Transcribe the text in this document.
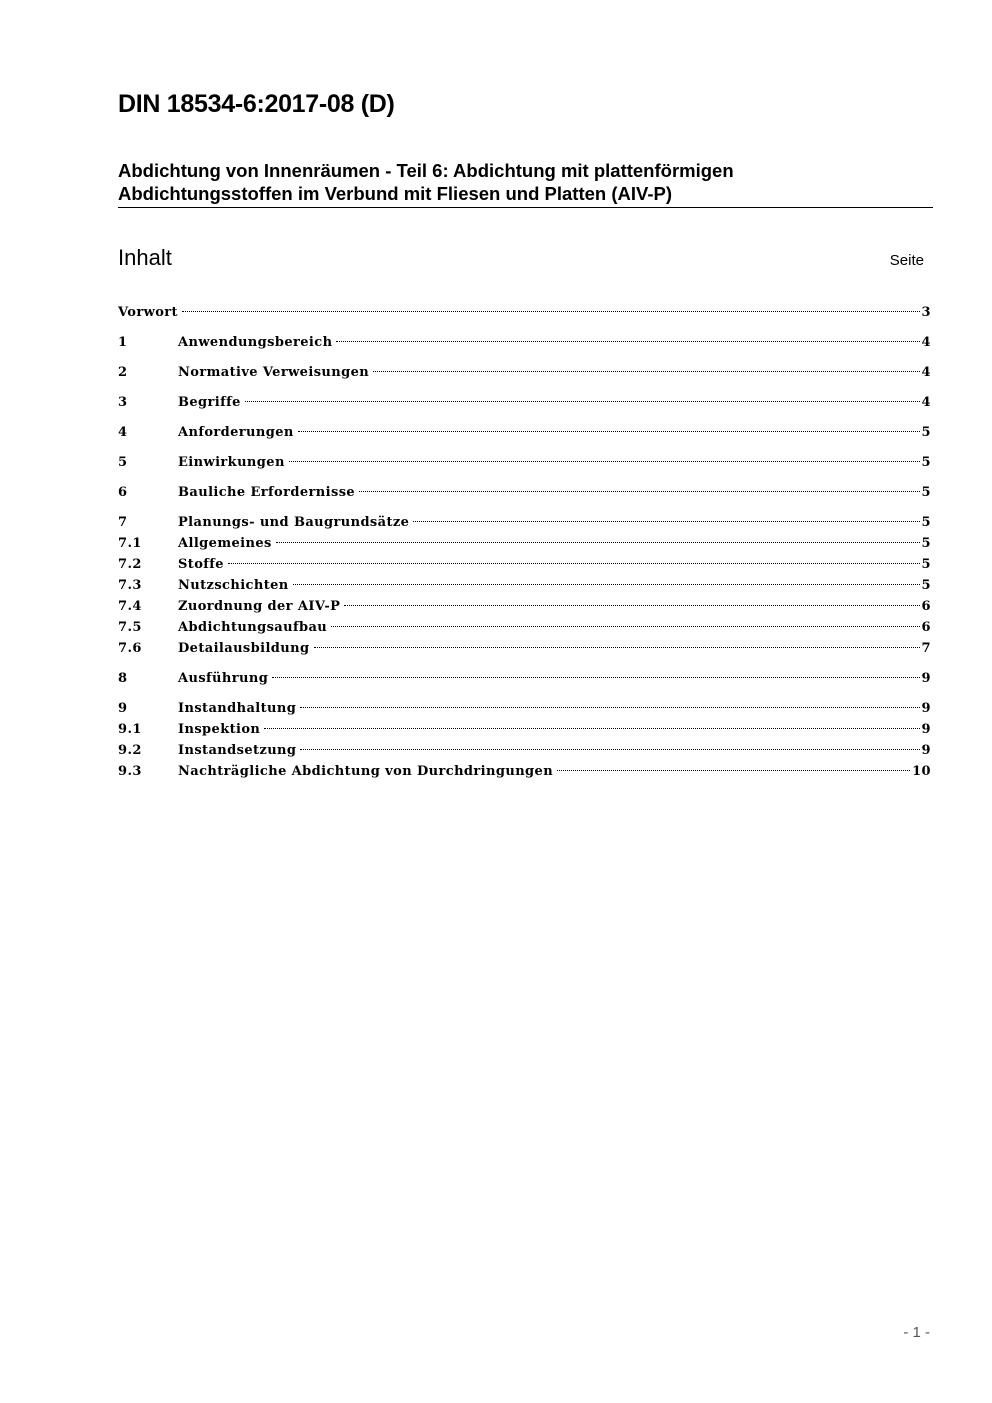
DIN 18534-6:2017-08 (D)
Abdichtung von Innenräumen - Teil 6: Abdichtung mit plattenförmigen
Abdichtungsstoffen im Verbund mit Fliesen und Platten (AIV-P)
Inhalt	Seite
Vorwort	3
1	Anwendungsbereich	4
2	Normative Verweisungen	4
3	Begriffe	4
4	Anforderungen	5
5	Einwirkungen	5
6	Bauliche Erfordernisse	5
7	Planungs- und Baugrundsätze	5
7.1	Allgemeines	5
7.2	Stoffe	5
7.3	Nutzschichten	5
7.4	Zuordnung der AIV-P	6
7.5	Abdichtungsaufbau	6
7.6	Detailausbildung	7
8	Ausführung	9
9	Instandhaltung	9
9.1	Inspektion	9
9.2	Instandsetzung	9
9.3	Nachträgliche Abdichtung von Durchdringungen	10
- 1 -
